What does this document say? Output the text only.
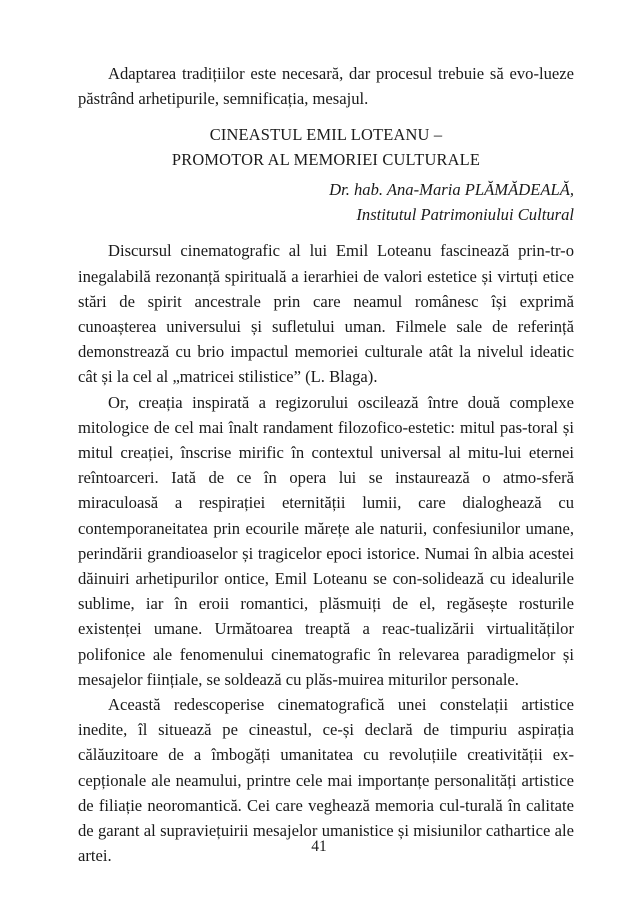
Adaptarea tradițiilor este necesară, dar procesul trebuie să evo-lueze păstrând arhetipurile, semnificația, mesajul.

CINEASTUL EMIL LOTEANU –
PROMOTOR AL MEMORIEI CULTURALE
Dr. hab. Ana-Maria PLĂMĂDEALĂ,
Institutul Patrimoniului Cultural

Discursul cinematografic al lui Emil Loteanu fascinează prin-tr-o inegalabilă rezonanță spirituală a ierarhiei de valori estetice și virtuți etice stări de spirit ancestrale prin care neamul românesc își exprimă cunoașterea universului și sufletului uman. Filmele sale de referință demonstrează cu brio impactul memoriei culturale atât la nivelul ideatic cât și la cel al „matricei stilistice” (L. Blaga).

Or, creația inspirată a regizorului oscilează între două complexe mitologice de cel mai înalt randament filozofico-estetic: mitul pas-toral și mitul creației, înscrise mirific în contextul universal al mitu-lui eternei reîntoarceri. Iată de ce în opera lui se instaurează o atmo-sferă miraculoasă a respirației eternității lumii, care dialoghează cu contemporaneitatea prin ecourile mărețe ale naturii, confesiunilor umane, perindării grandioaselor și tragicelor epoci istorice. Numai în albia acestei dăinuiri arhetipurilor ontice, Emil Loteanu se con-solidează cu idealurile sublime, iar în eroii romantici, plăsmuiți de el, regăsește rosturile existenței umane. Următoarea treaptă a reac-tualizării virtualităților polifonice ale fenomenului cinematografic în relevarea paradigmelor și mesajelor ființiale, se soldează cu plăs-muirea miturilor personale.

Această redescoperise cinematografică unei constelații artistice inedite, îl situează pe cineastul, ce-și declară de timpuriu aspirația călăuzitoare de a îmbogăți umanitatea cu revoluțiile creativității ex-cepționale ale neamului, printre cele mai importanțe personalități artistice de filiație neoromantică. Cei care veghează memoria cul-turală în calitate de garant al supraviețuirii mesajelor umanistice și misiunilor cathartice ale artei.	41
